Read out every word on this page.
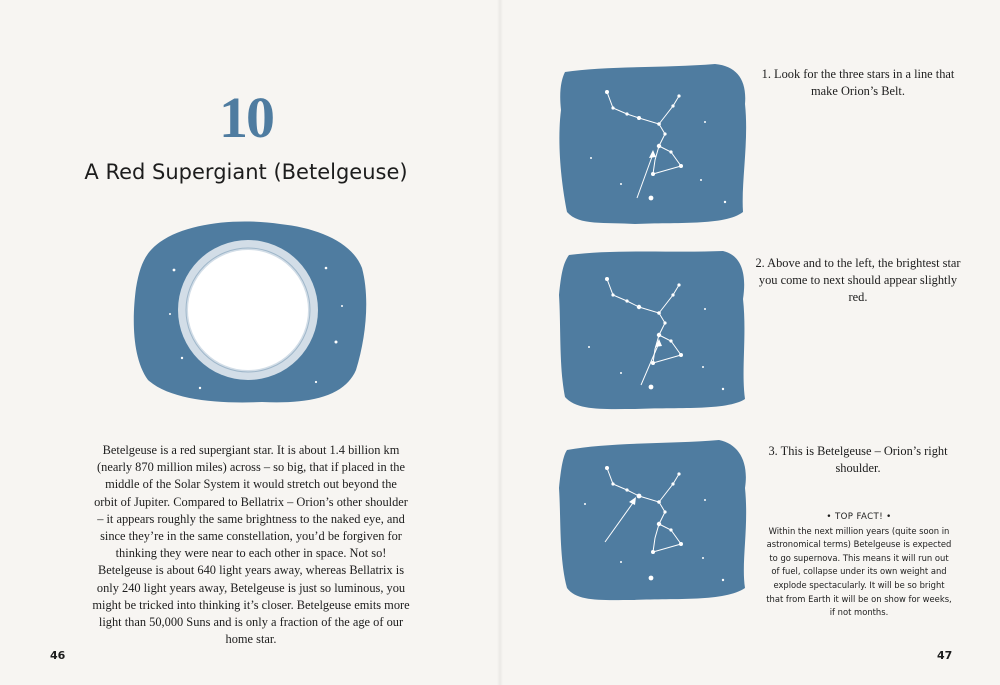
10
A Red Supergiant (Betelgeuse)
Betelgeuse is a red supergiant star. It is about 1.4 billion km (nearly 870 million miles) across – so big, that if placed in the middle of the Solar System it would stretch out beyond the orbit of Jupiter. Compared to Bellatrix – Orion’s other shoulder – it appears roughly the same brightness to the naked eye, and since they’re in the same constellation, you’d be forgiven for thinking they were near to each other in space. Not so! Betelgeuse is about 640 light years away, whereas Bellatrix is only 240 light years away, Betelgeuse is just so luminous, you might be tricked into thinking it’s closer. Betelgeuse emits more light than 50,000 Suns and is only a fraction of the age of our home star.
46
1. Look for the three stars in a line that make Orion’s Belt.
2. Above and to the left, the brightest star you come to next should appear slightly red.
3. This is Betelgeuse – Orion’s right shoulder.
• TOP FACT! •
Within the next million years (quite soon in astronomical terms) Betelgeuse is expected to go supernova. This means it will run out of fuel, collapse under its own weight and explode spectacularly. It will be so bright that from Earth it will be on show for weeks, if not months.
47
